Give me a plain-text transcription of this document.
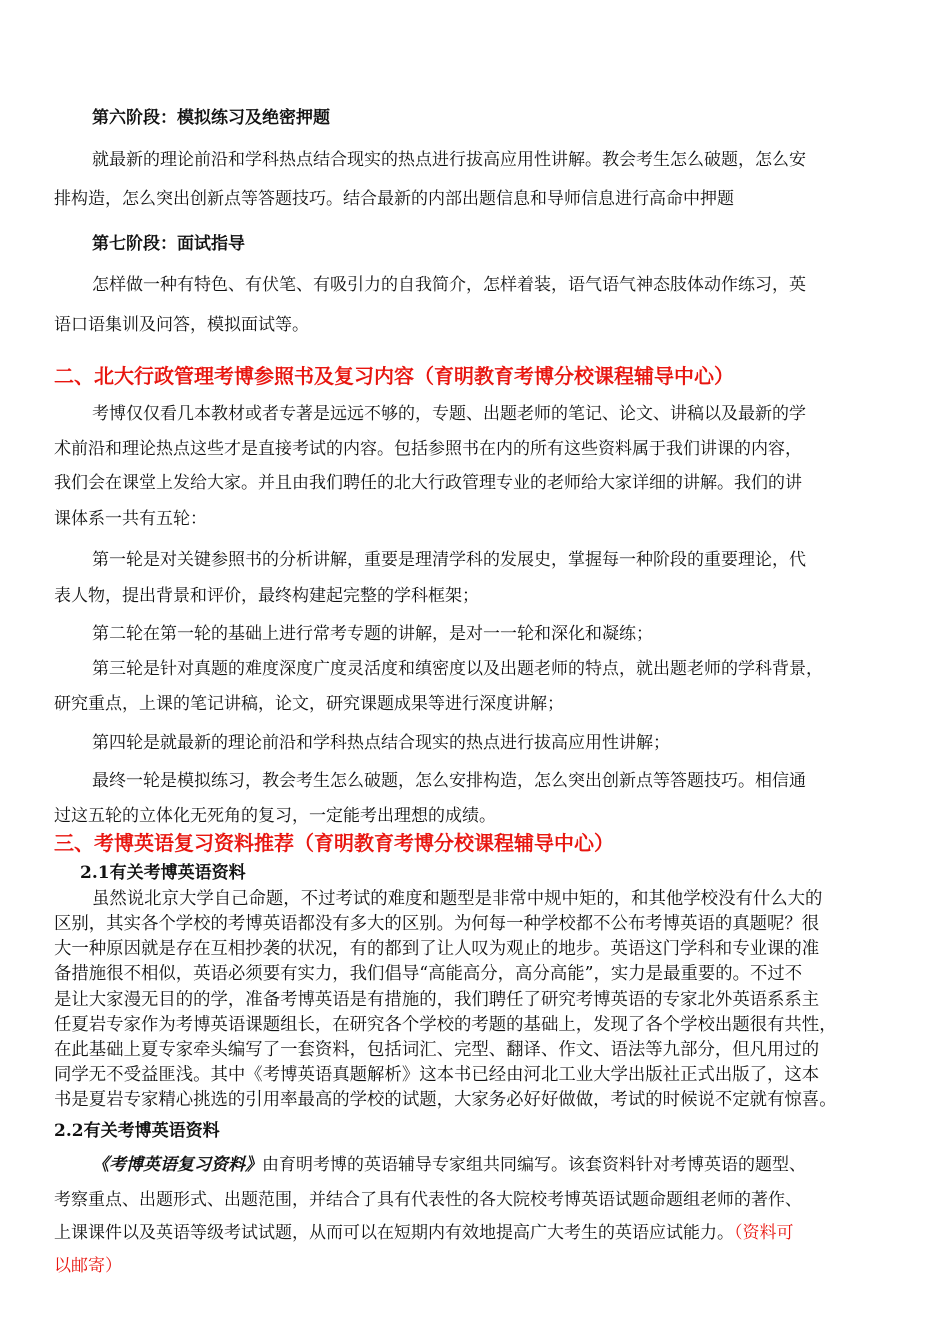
第六阶段：模拟练习及绝密押题
就最新的理论前沿和学科热点结合现实的热点进行拔高应用性讲解。教会考生怎么破题，怎么安
排构造，怎么突出创新点等答题技巧。结合最新的内部出题信息和导师信息进行高命中押题
第七阶段：面试指导
怎样做一种有特色、有伏笔、有吸引力的自我简介，怎样着装，语气语气神态肢体动作练习，英
语口语集训及问答，模拟面试等。
二、北大行政管理考博参照书及复习内容（育明教育考博分校课程辅导中心）
考博仅仅看几本教材或者专著是远远不够的，专题、出题老师的笔记、论文、讲稿以及最新的学
术前沿和理论热点这些才是直接考试的内容。包括参照书在内的所有这些资料属于我们讲课的内容，
我们会在课堂上发给大家。并且由我们聘任的北大行政管理专业的老师给大家详细的讲解。我们的讲
课体系一共有五轮：
第一轮是对关键参照书的分析讲解，重要是理清学科的发展史，掌握每一种阶段的重要理论，代
表人物，提出背景和评价，最终构建起完整的学科框架；
第二轮在第一轮的基础上进行常考专题的讲解，是对一一轮和深化和凝练；
第三轮是针对真题的难度深度广度灵活度和缜密度以及出题老师的特点，就出题老师的学科背景，
研究重点，上课的笔记讲稿，论文，研究课题成果等进行深度讲解；
第四轮是就最新的理论前沿和学科热点结合现实的热点进行拔高应用性讲解；
最终一轮是模拟练习，教会考生怎么破题，怎么安排构造，怎么突出创新点等答题技巧。相信通
过这五轮的立体化无死角的复习，一定能考出理想的成绩。
三、考博英语复习资料推荐（育明教育考博分校课程辅导中心）
2.1有关考博英语资料
虽然说北京大学自己命题，不过考试的难度和题型是非常中规中矩的，和其他学校没有什么大的
区别，其实各个学校的考博英语都没有多大的区别。为何每一种学校都不公布考博英语的真题呢？很
大一种原因就是存在互相抄袭的状况，有的都到了让人叹为观止的地步。英语这门学科和专业课的准
备措施很不相似，英语必须要有实力，我们倡导“高能高分，高分高能”，实力是最重要的。不过不
是让大家漫无目的的学，准备考博英语是有措施的，我们聘任了研究考博英语的专家北外英语系系主
任夏岩专家作为考博英语课题组长，在研究各个学校的考题的基础上，发现了各个学校出题很有共性，
在此基础上夏专家牵头编写了一套资料，包括词汇、完型、翻译、作文、语法等九部分，但凡用过的
同学无不受益匪浅。其中《考博英语真题解析》这本书已经由河北工业大学出版社正式出版了，这本
书是夏岩专家精心挑选的引用率最高的学校的试题，大家务必好好做做，考试的时候说不定就有惊喜。
2.2有关考博英语资料
《考博英语复习资料》由育明考博的英语辅导专家组共同编写。该套资料针对考博英语的题型、
考察重点、出题形式、出题范围，并结合了具有代表性的各大院校考博英语试题命题组老师的著作、
上课课件以及英语等级考试试题，从而可以在短期内有效地提高广大考生的英语应试能力。（资料可
以邮寄）
